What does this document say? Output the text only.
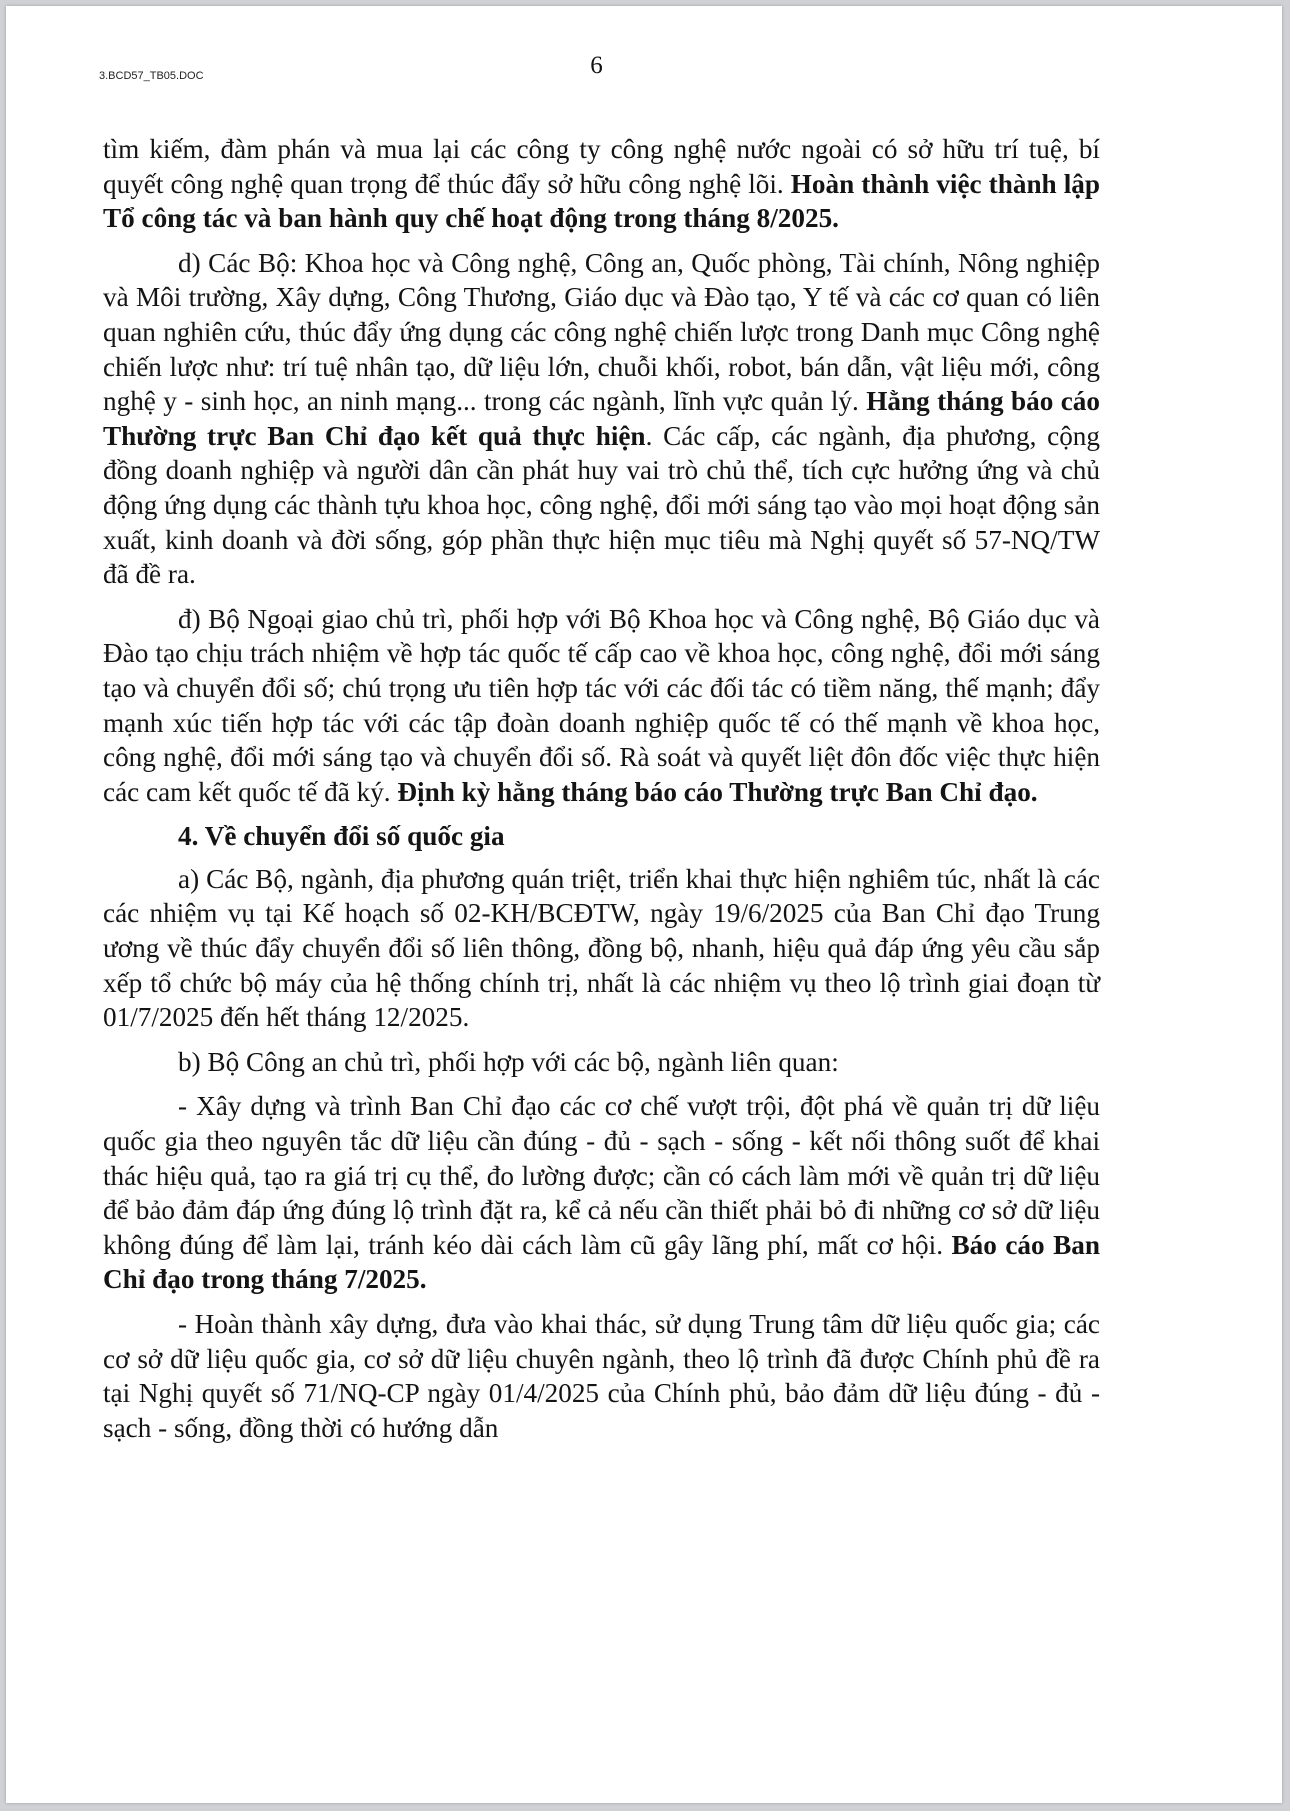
3.BCD57_TB05.DOC	6

tìm kiếm, đàm phán và mua lại các công ty công nghệ nước ngoài có sở hữu trí tuệ, bí quyết công nghệ quan trọng để thúc đẩy sở hữu công nghệ lõi. Hoàn thành việc thành lập Tổ công tác và ban hành quy chế hoạt động trong tháng 8/2025.

d) Các Bộ: Khoa học và Công nghệ, Công an, Quốc phòng, Tài chính, Nông nghiệp và Môi trường, Xây dựng, Công Thương, Giáo dục và Đào tạo, Y tế và các cơ quan có liên quan nghiên cứu, thúc đẩy ứng dụng các công nghệ chiến lược trong Danh mục Công nghệ chiến lược như: trí tuệ nhân tạo, dữ liệu lớn, chuỗi khối, robot, bán dẫn, vật liệu mới, công nghệ y - sinh học, an ninh mạng... trong các ngành, lĩnh vực quản lý. Hằng tháng báo cáo Thường trực Ban Chỉ đạo kết quả thực hiện. Các cấp, các ngành, địa phương, cộng đồng doanh nghiệp và người dân cần phát huy vai trò chủ thể, tích cực hưởng ứng và chủ động ứng dụng các thành tựu khoa học, công nghệ, đổi mới sáng tạo vào mọi hoạt động sản xuất, kinh doanh và đời sống, góp phần thực hiện mục tiêu mà Nghị quyết số 57-NQ/TW đã đề ra.

đ) Bộ Ngoại giao chủ trì, phối hợp với Bộ Khoa học và Công nghệ, Bộ Giáo dục và Đào tạo chịu trách nhiệm về hợp tác quốc tế cấp cao về khoa học, công nghệ, đổi mới sáng tạo và chuyển đổi số; chú trọng ưu tiên hợp tác với các đối tác có tiềm năng, thế mạnh; đẩy mạnh xúc tiến hợp tác với các tập đoàn doanh nghiệp quốc tế có thế mạnh về khoa học, công nghệ, đổi mới sáng tạo và chuyển đổi số. Rà soát và quyết liệt đôn đốc việc thực hiện các cam kết quốc tế đã ký. Định kỳ hằng tháng báo cáo Thường trực Ban Chỉ đạo.

4. Về chuyển đổi số quốc gia

a) Các Bộ, ngành, địa phương quán triệt, triển khai thực hiện nghiêm túc, nhất là các các nhiệm vụ tại Kế hoạch số 02-KH/BCĐTW, ngày 19/6/2025 của Ban Chỉ đạo Trung ương về thúc đẩy chuyển đổi số liên thông, đồng bộ, nhanh, hiệu quả đáp ứng yêu cầu sắp xếp tổ chức bộ máy của hệ thống chính trị, nhất là các nhiệm vụ theo lộ trình giai đoạn từ 01/7/2025 đến hết tháng 12/2025.

b) Bộ Công an chủ trì, phối hợp với các bộ, ngành liên quan:

- Xây dựng và trình Ban Chỉ đạo các cơ chế vượt trội, đột phá về quản trị dữ liệu quốc gia theo nguyên tắc dữ liệu cần đúng - đủ - sạch - sống - kết nối thông suốt để khai thác hiệu quả, tạo ra giá trị cụ thể, đo lường được; cần có cách làm mới về quản trị dữ liệu để bảo đảm đáp ứng đúng lộ trình đặt ra, kể cả nếu cần thiết phải bỏ đi những cơ sở dữ liệu không đúng để làm lại, tránh kéo dài cách làm cũ gây lãng phí, mất cơ hội. Báo cáo Ban Chỉ đạo trong tháng 7/2025.

- Hoàn thành xây dựng, đưa vào khai thác, sử dụng Trung tâm dữ liệu quốc gia; các cơ sở dữ liệu quốc gia, cơ sở dữ liệu chuyên ngành, theo lộ trình đã được Chính phủ đề ra tại Nghị quyết số 71/NQ-CP ngày 01/4/2025 của Chính phủ, bảo đảm dữ liệu đúng - đủ - sạch - sống, đồng thời có hướng dẫn
